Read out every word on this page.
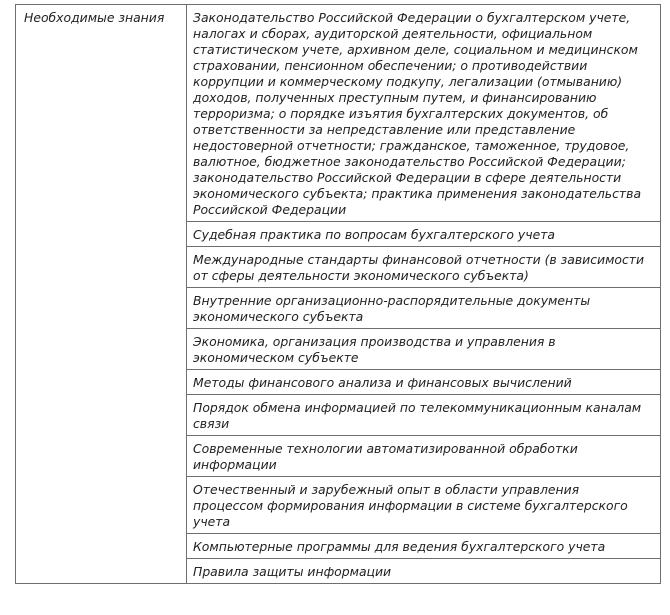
Необходимые знания	Законодательство Российской Федерации о бухгалтерском учете,
налогах и сборах, аудиторской деятельности, официальном
статистическом учете, архивном деле, социальном и медицинском
страховании, пенсионном обеспечении; о противодействии
коррупции и коммерческому подкупу, легализации (отмыванию)
доходов, полученных преступным путем, и финансированию
терроризма; о порядке изъятия бухгалтерских документов, об
ответственности за непредставление или представление
недостоверной отчетности; гражданское, таможенное, трудовое,
валютное, бюджетное законодательство Российской Федерации;
законодательство Российской Федерации в сфере деятельности
экономического субъекта; практика применения законодательства
Российской Федерации

Судебная практика по вопросам бухгалтерского учета

Международные стандарты финансовой отчетности (в зависимости
от сферы деятельности экономического субъекта)

Внутренние организационно-распорядительные документы
экономического субъекта

Экономика, организация производства и управления в
экономическом субъекте

Методы финансового анализа и финансовых вычислений

Порядок обмена информацией по телекоммуникационным каналам
связи

Современные технологии автоматизированной обработки
информации

Отечественный и зарубежный опыт в области управления
процессом формирования информации в системе бухгалтерского
учета

Компьютерные программы для ведения бухгалтерского учета

Правила защиты информации
